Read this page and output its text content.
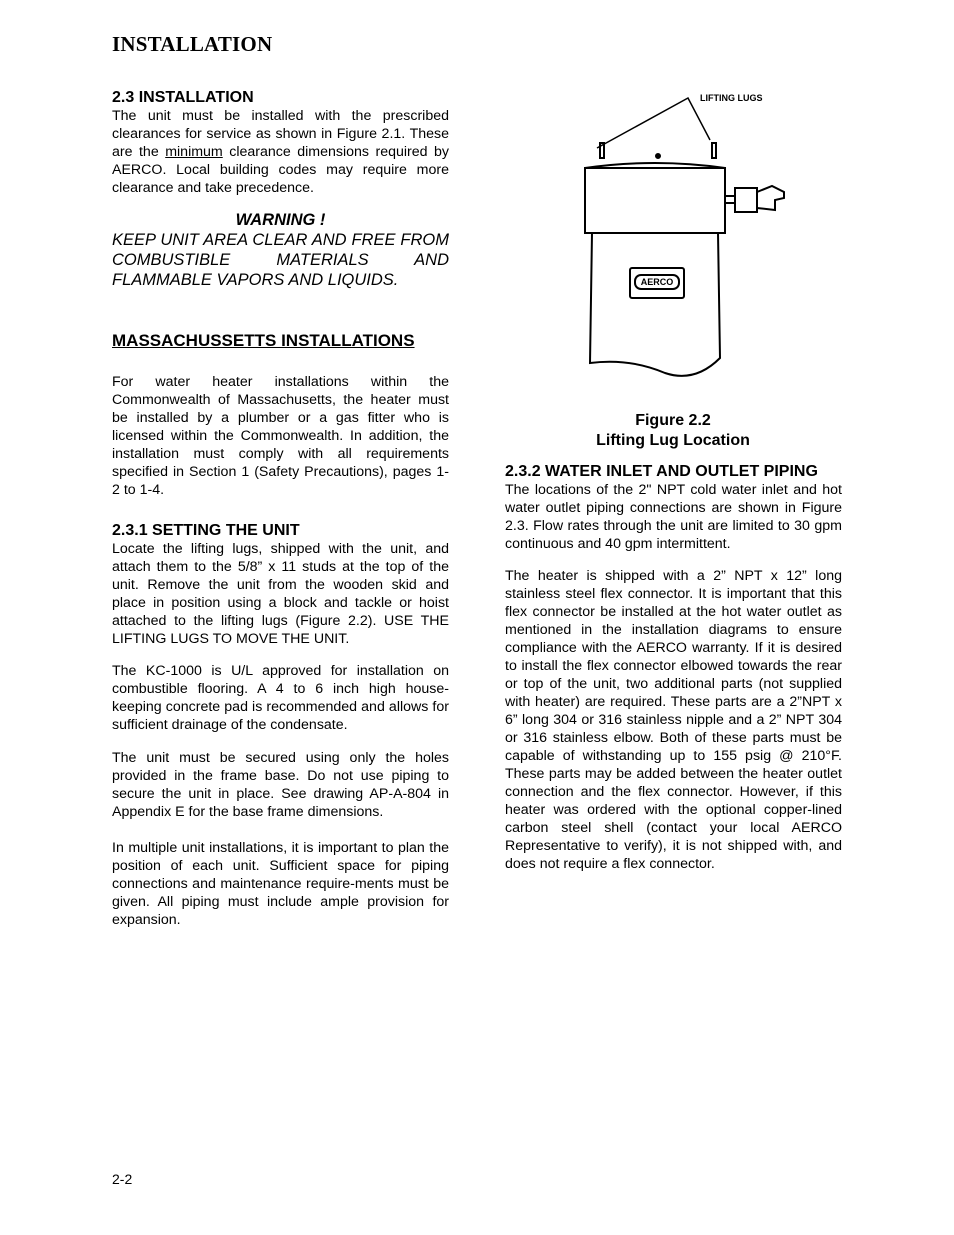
INSTALLATION
2.3 INSTALLATION

The unit must be installed with the prescribed clearances for service as shown in Figure 2.1. These are the minimum clearance dimensions required by AERCO. Local building codes may require more clearance and take precedence.

WARNING !
KEEP UNIT AREA CLEAR AND FREE FROM COMBUSTIBLE MATERIALS AND FLAMMABLE VAPORS AND LIQUIDS.
MASSACHUSSETTS INSTALLATIONS

For water heater installations within the Commonwealth of Massachusetts, the heater must be installed by a plumber or a gas fitter who is licensed within the Commonwealth. In addition, the installation must comply with all requirements specified in Section 1 (Safety Precautions), pages 1-2 to 1-4.

2.3.1 SETTING THE UNIT

Locate the lifting lugs, shipped with the unit, and attach them to the 5/8” x 11 studs at the top of the unit. Remove the unit from the wooden skid and place in position using a block and tackle or hoist attached to the lifting lugs (Figure 2.2). USE THE LIFTING LUGS TO MOVE THE UNIT.

The KC-1000 is U/L approved for installation on combustible flooring. A 4 to 6 inch high house-keeping concrete pad is recommended and allows for sufficient drainage of the condensate.

The unit must be secured using only the holes provided in the frame base. Do not use piping to secure the unit in place. See drawing AP-A-804 in Appendix E for the base frame dimensions.

In multiple unit installations, it is important to plan the position of each unit. Sufficient space for piping connections and maintenance require-ments must be given. All piping must include ample provision for expansion.

LIFTING LUGS
AERCO
Figure 2.2
Lifting Lug Location
2.3.2 WATER INLET AND OUTLET PIPING

The locations of the 2" NPT cold water inlet and hot water outlet piping connections are shown in Figure 2.3. Flow rates through the unit are limited to 30 gpm continuous and 40 gpm intermittent.

The heater is shipped with a 2” NPT x 12” long stainless steel flex connector. It is important that this flex connector be installed at the hot water outlet as mentioned in the installation diagrams to ensure compliance with the AERCO warranty. If it is desired to install the flex connector elbowed towards the rear or top of the unit, two additional parts (not supplied with heater) are required. These parts are a 2”NPT x 6” long 304 or 316 stainless nipple and a 2” NPT 304 or 316 stainless elbow. Both of these parts must be capable of withstanding up to 155 psig @ 210°F. These parts may be added between the heater outlet connection and the flex connector. However, if this heater was ordered with the optional copper-lined carbon steel shell (contact your local AERCO Representative to verify), it is not shipped with, and does not require a flex connector.

2-2
